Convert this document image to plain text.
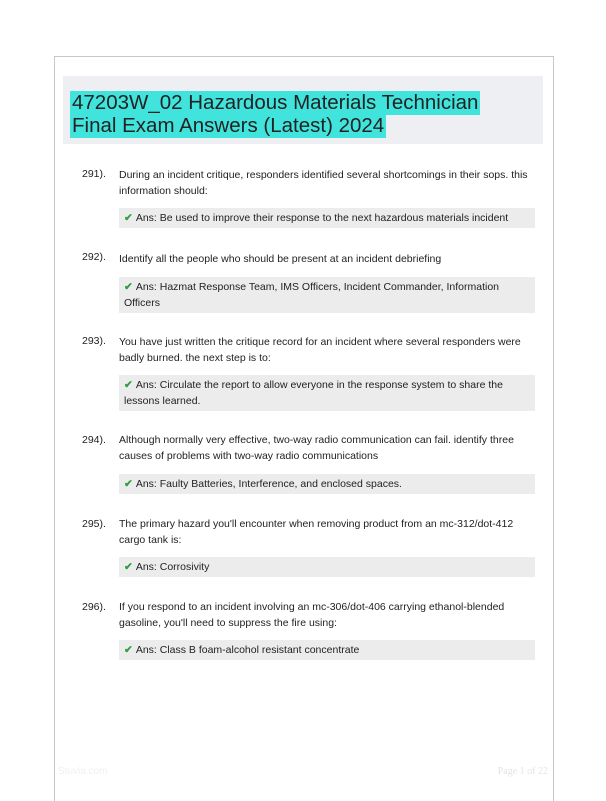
47203W_02 Hazardous Materials Technician
Final Exam Answers (Latest) 2024
291). During an incident critique, responders identified several shortcomings in their sops. this information should:
✔ Ans: Be used to improve their response to the next hazardous materials incident
292). Identify all the people who should be present at an incident debriefing
✔ Ans: Hazmat Response Team, IMS Officers, Incident Commander, Information Officers
293). You have just written the critique record for an incident where several responders were badly burned. the next step is to:
✔ Ans: Circulate the report to allow everyone in the response system to share the lessons learned.
294). Although normally very effective, two-way radio communication can fail. identify three causes of problems with two-way radio communications
✔ Ans: Faulty Batteries, Interference, and enclosed spaces.
295). The primary hazard you'll encounter when removing product from an mc-312/dot-412 cargo tank is:
✔ Ans: Corrosivity
296). If you respond to an incident involving an mc-306/dot-406 carrying ethanol-blended gasoline, you'll need to suppress the fire using:
✔ Ans: Class B foam-alcohol resistant concentrate
Stuvia.com	Page 1 of 22
